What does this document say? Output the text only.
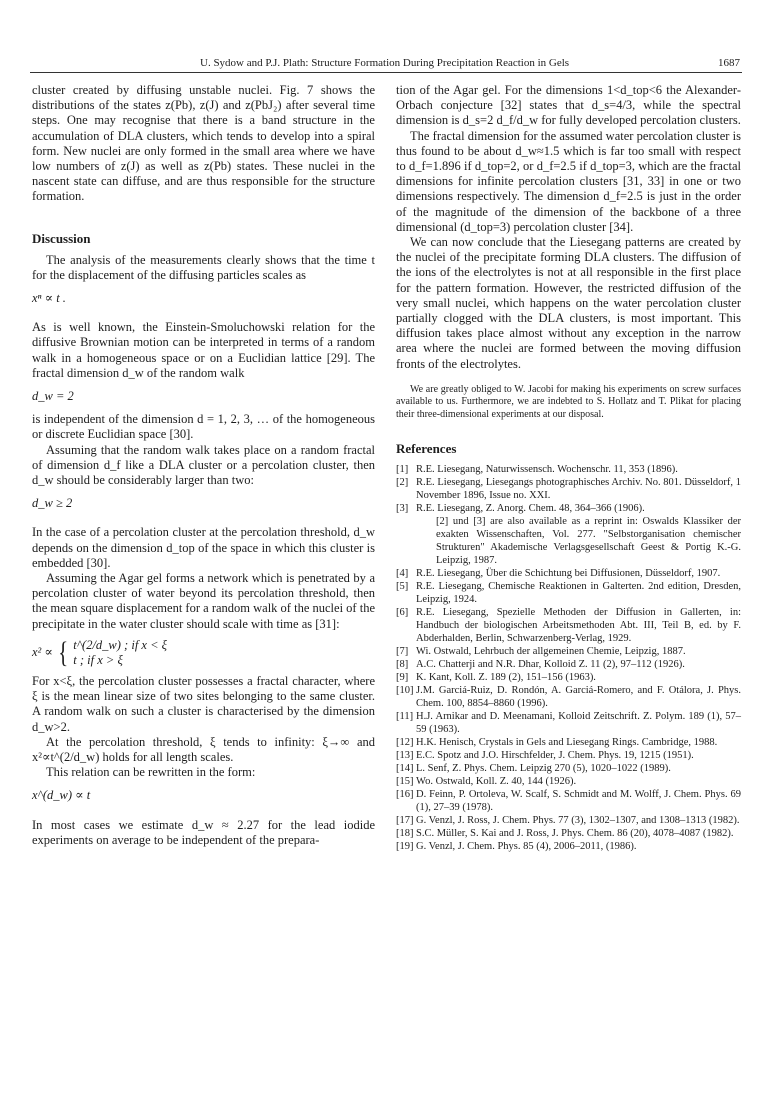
U. Sydow and P.J. Plath: Structure Formation During Precipitation Reaction in Gels	1687

cluster created by diffusing unstable nuclei. Fig. 7 shows the distributions of the states z(Pb), z(J) and z(PbJ₂) after several time steps. One may recognise that there is a band structure in the accumulation of DLA clusters, which tends to develop into a spiral form. New nuclei are only formed in the small area where we have low numbers of z(J) as well as z(Pb) states. These nuclei in the nascent state can diffuse, and are thus responsible for the structure formation.

Discussion

The analysis of the measurements clearly shows that the time t for the displacement of the diffusing particles scales as

xⁿ ∝ t .

As is well known, the Einstein-Smoluchowski relation for the diffusive Brownian motion can be interpreted in terms of a random walk in a homogeneous space or on a Euclidian lattice [29]. The fractal dimension d_w of the random walk

d_w = 2

is independent of the dimension d = 1, 2, 3, … of the homogeneous or discrete Euclidian space [30].

Assuming that the random walk takes place on a random fractal of dimension d_f like a DLA cluster or a percolation cluster, then d_w should be considerably larger than two:

d_w ≥ 2

In the case of a percolation cluster at the percolation threshold, d_w depends on the dimension d_top of the space in which this cluster is embedded [30].

Assuming the Agar gel forms a network which is penetrated by a percolation cluster of water beyond its percolation threshold, then the mean square displacement for a random walk of the nuclei of the precipitate in the water cluster should scale with time as [31]:

x² ∝ { t^(2/d_w) ; if x < ξ
t ; if x > ξ

For x<ξ, the percolation cluster possesses a fractal character, where ξ is the mean linear size of two sites belonging to the same cluster. A random walk on such a cluster is characterised by the dimension d_w>2.

At the percolation threshold, ξ tends to infinity: ξ→∞ and x²∝t^(2/d_w) holds for all length scales.

This relation can be rewritten in the form:

x^(d_w) ∝ t

In most cases we estimate d_w ≈ 2.27 for the lead iodide experiments on average to be independent of the prepara-

tion of the Agar gel. For the dimensions 1<d_top<6 the Alexander-Orbach conjecture [32] states that d_s=4/3, while the spectral dimension is d_s=2 d_f/d_w for fully developed percolation clusters.

The fractal dimension for the assumed water percolation cluster is thus found to be about d_w≈1.5 which is far too small with respect to d_f=1.896 if d_top=2, or d_f=2.5 if d_top=3, which are the fractal dimensions for infinite percolation clusters [31, 33] in one or two dimensions respectively. The dimension d_f=2.5 is just in the order of the magnitude of the dimension of the backbone of a three dimensional (d_top=3) percolation cluster [34].

We can now conclude that the Liesegang patterns are created by the nuclei of the precipitate forming DLA clusters. The diffusion of the ions of the electrolytes is not at all responsible in the first place for the pattern formation. However, the restricted diffusion of the very small nuclei, which happens on the water percolation cluster partially clogged with the DLA clusters, is most important. This diffusion takes place almost without any exception in the narrow area where the nuclei are formed between the moving diffusion fronts of the electrolytes.

We are greatly obliged to W. Jacobi for making his experiments on screw surfaces available to us. Furthermore, we are indebted to S. Hollatz and T. Plikat for placing their three-dimensional experiments at our disposal.

References
[1] R.E. Liesegang, Naturwissensch. Wochenschr. 11, 353 (1896).
[2] R.E. Liesegang, Liesegangs photographisches Archiv. No. 801. Düsseldorf, 1 November 1896, Issue no. XXI.
[3] R.E. Liesegang, Z. Anorg. Chem. 48, 364–366 (1906).
[2] und [3] are also available as a reprint in: Oswalds Klassiker der exakten Wissenschaften, Vol. 277. "Selbstorganisation chemischer Strukturen" Akademische Verlagsgesellschaft Geest & Portig K.-G. Leipzig, 1987.
[4] R.E. Liesegang, Über die Schichtung bei Diffusionen, Düsseldorf, 1907.
[5] R.E. Liesegang, Chemische Reaktionen in Galterten. 2nd edition, Dresden, Leipzig, 1924.
[6] R.E. Liesegang, Spezielle Methoden der Diffusion in Gallerten, in: Handbuch der biologischen Arbeitsmethoden Abt. III, Teil B, ed. by F. Abderhalden, Berlin, Schwarzenberg-Verlag, 1929.
[7] Wi. Ostwald, Lehrbuch der allgemeinen Chemie, Leipzig, 1887.
[8] A.C. Chatterji and N.R. Dhar, Kolloid Z. 11 (2), 97–112 (1926).
[9] K. Kant, Koll. Z. 189 (2), 151–156 (1963).
[10] J.M. Garciá-Ruiz, D. Rondón, A. Garciá-Romero, and F. Otálora, J. Phys. Chem. 100, 8854–8860 (1996).
[11] H.J. Arnikar and D. Meenamani, Kolloid Zeitschrift. Z. Polym. 189 (1), 57–59 (1963).
[12] H.K. Henisch, Crystals in Gels and Liesegang Rings. Cambridge, 1988.
[13] E.C. Spotz and J.O. Hirschfelder, J. Chem. Phys. 19, 1215 (1951).
[14] L. Senf, Z. Phys. Chem. Leipzig 270 (5), 1020–1022 (1989).
[15] Wo. Ostwald, Koll. Z. 40, 144 (1926).
[16] D. Feinn, P. Ortoleva, W. Scalf, S. Schmidt and M. Wolff, J. Chem. Phys. 69 (1), 27–39 (1978).
[17] G. Venzl, J. Ross, J. Chem. Phys. 77 (3), 1302–1307, and 1308–1313 (1982).
[18] S.C. Müller, S. Kai and J. Ross, J. Phys. Chem. 86 (20), 4078–4087 (1982).
[19] G. Venzl, J. Chem. Phys. 85 (4), 2006–2011, (1986).
